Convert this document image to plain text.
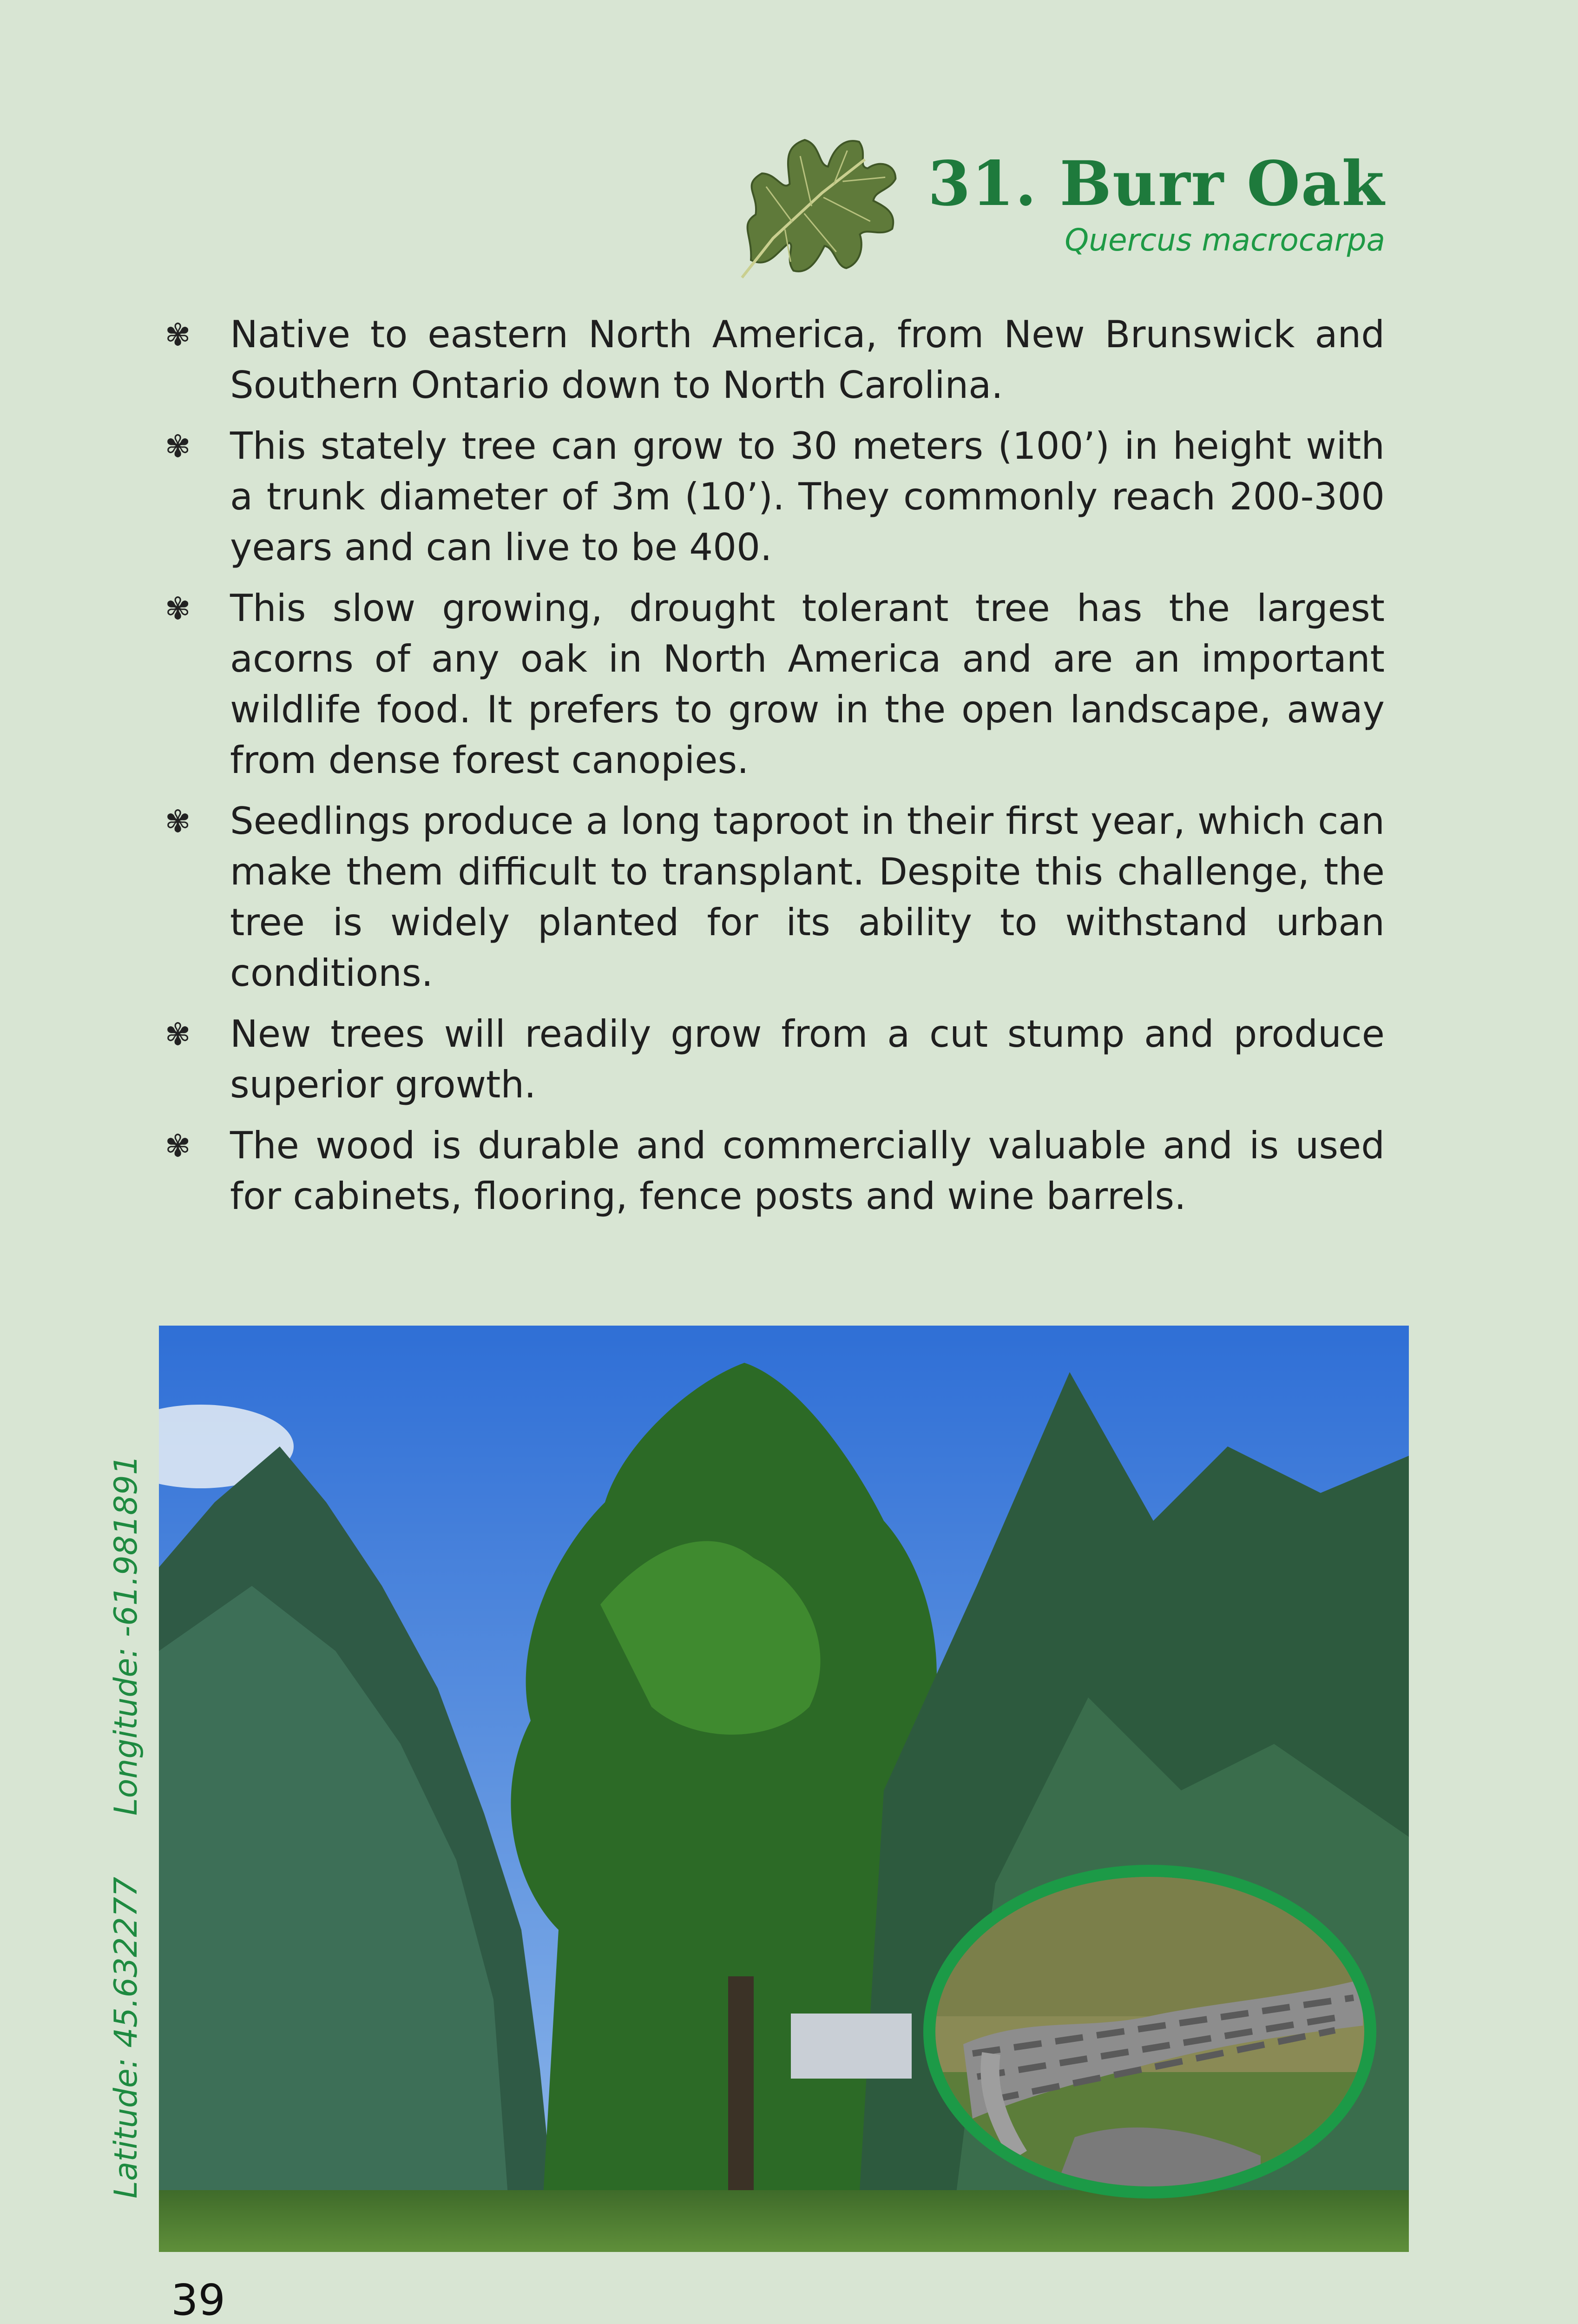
31. Burr Oak
Quercus macrocarpa
✾ Native to eastern North America, from New Brunswick and Southern Ontario down to North Carolina.
✾ This stately tree can grow to 30 meters (100’) in height with a trunk diameter of 3m (10’). They commonly reach 200-300 years and can live to be 400.
✾ This slow growing, drought tolerant tree has the largest acorns of any oak in North America and are an important wildlife food. It prefers to grow in the open landscape, away from dense forest canopies.
✾ Seedlings produce a long taproot in their first year, which can make them difficult to transplant. Despite this challenge, the tree is widely planted for its ability to withstand urban conditions.
✾ New trees will readily grow from a cut stump and produce superior growth.
✾ The wood is durable and commercially valuable and is used for cabinets, flooring, fence posts and wine barrels.
Latitude: 45.632277 Longitude: -61.981891
39
